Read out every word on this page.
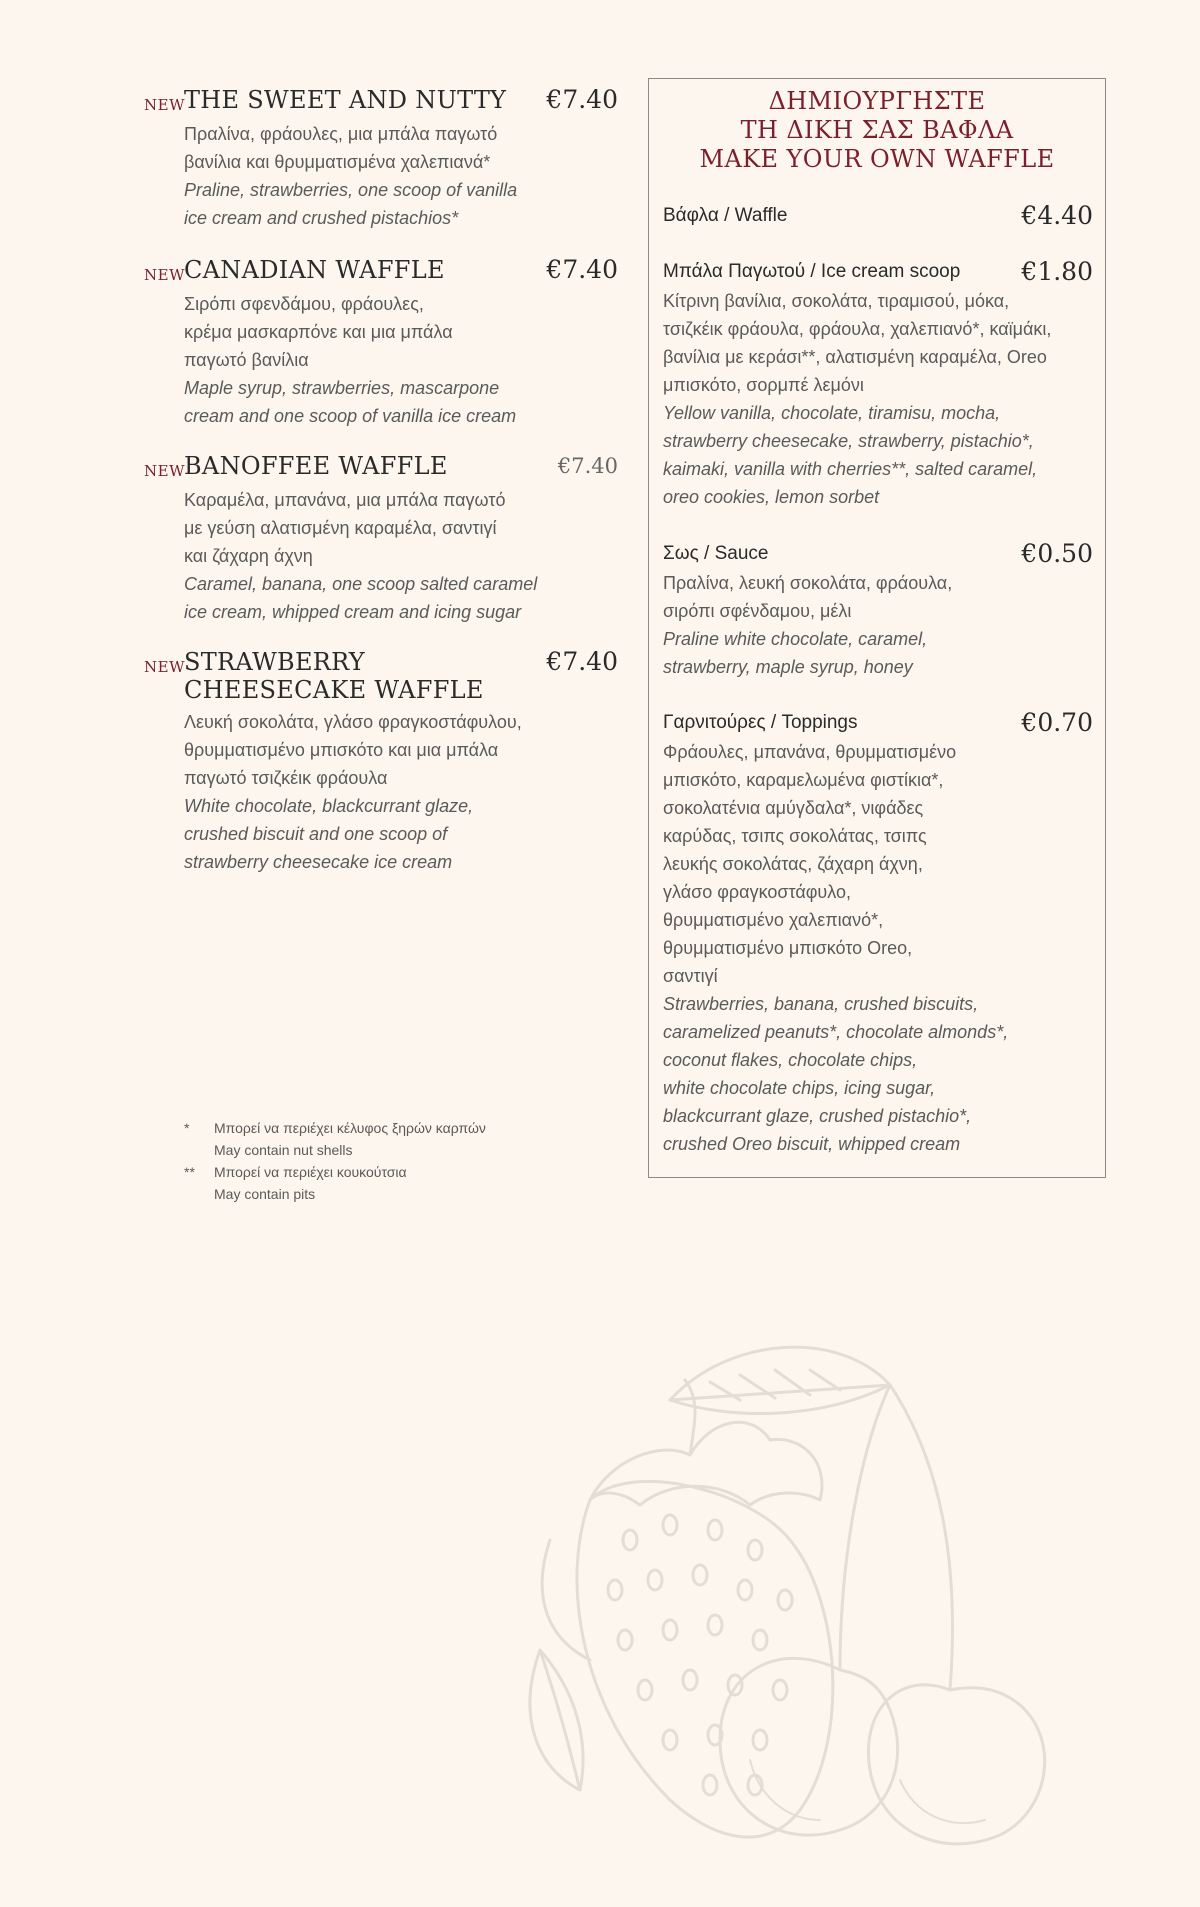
NEW THE SWEET AND NUTTY €7.40
Πραλίνα, φράουλες, μια μπάλα παγωτό
βανίλια και θρυμματισμένα χαλεπιανά*
Praline, strawberries, one scoop of vanilla
ice cream and crushed pistachios*
NEW CANADIAN WAFFLE	€7.40
Σιρόπι σφενδάμου, φράουλες,
κρέμα μασκαρπόνε και μια μπάλα
παγωτό βανίλια
Maple syrup, strawberries, mascarpone
cream and one scoop of vanilla ice cream
NEW BANOFFEE WAFFLE	€7.40
Καραμέλα, μπανάνα, μια μπάλα παγωτό
με γεύση αλατισμένη καραμέλα, σαντιγί
και ζάχαρη άχνη
Caramel, banana, one scoop salted caramel
ice cream, whipped cream and icing sugar
NEW STRAWBERRY
CHEESECAKE WAFFLE
€7.40
Λευκή σοκολάτα, γλάσο φραγκοστάφυλου,
θρυμματισμένο μπισκότο και μια μπάλα
παγωτό τσιζκέικ φράουλα
White chocolate, blackcurrant glaze,
crushed biscuit and one scoop of
strawberry cheesecake ice cream
* Μπορεί να περιέχει κέλυφος ξηρών καρπών
May contain nut shells
** Μπορεί να περιέχει κουκούτσια
May contain pits
ΔΗΜΙΟΥΡΓΗΣΤΕ
ΤΗ ΔΙΚΗ ΣΑΣ ΒΑΦΛΑ
MAKE YOUR OWN WAFFLE
Βάφλα / Waffle	€4.40
Μπάλα Παγωτού / Ice cream scoop €1.80
Κίτρινη βανίλια, σοκολάτα, τιραμισού, μόκα,
τσιζκέικ φράουλα, φράουλα, χαλεπιανό*, καϊμάκι,
βανίλια με κεράσι**, αλατισμένη καραμέλα, Oreo
μπισκότο, σορμπέ λεμόνι
Yellow vanilla, chocolate, tiramisu, mocha,
strawberry cheesecake, strawberry, pistachio*,
kaimaki, vanilla with cherries**, salted caramel,
oreo cookies, lemon sorbet
Σως / Sauce	€0.50
Πραλίνα, λευκή σοκολάτα, φράουλα,
σιρόπι σφένδαμου, μέλι
Praline white chocolate, caramel,
strawberry, maple syrup, honey
Γαρνιτούρες / Toppings	€0.70
Φράουλες, μπανάνα, θρυμματισμένο
μπισκότο, καραμελωμένα φιστίκια*,
σοκολατένια αμύγδαλα*, νιφάδες
καρύδας, τσιπς σοκολάτας, τσιπς
λευκής σοκολάτας, ζάχαρη άχνη,
γλάσο φραγκοστάφυλο,
θρυμματισμένο χαλεπιανό*,
θρυμματισμένο μπισκότο Oreo,
σαντιγί
Strawberries, banana, crushed biscuits,
caramelized peanuts*, chocolate almonds*,
coconut flakes, chocolate chips,
white chocolate chips, icing sugar,
blackcurrant glaze, crushed pistachio*,
crushed Oreo biscuit, whipped cream
